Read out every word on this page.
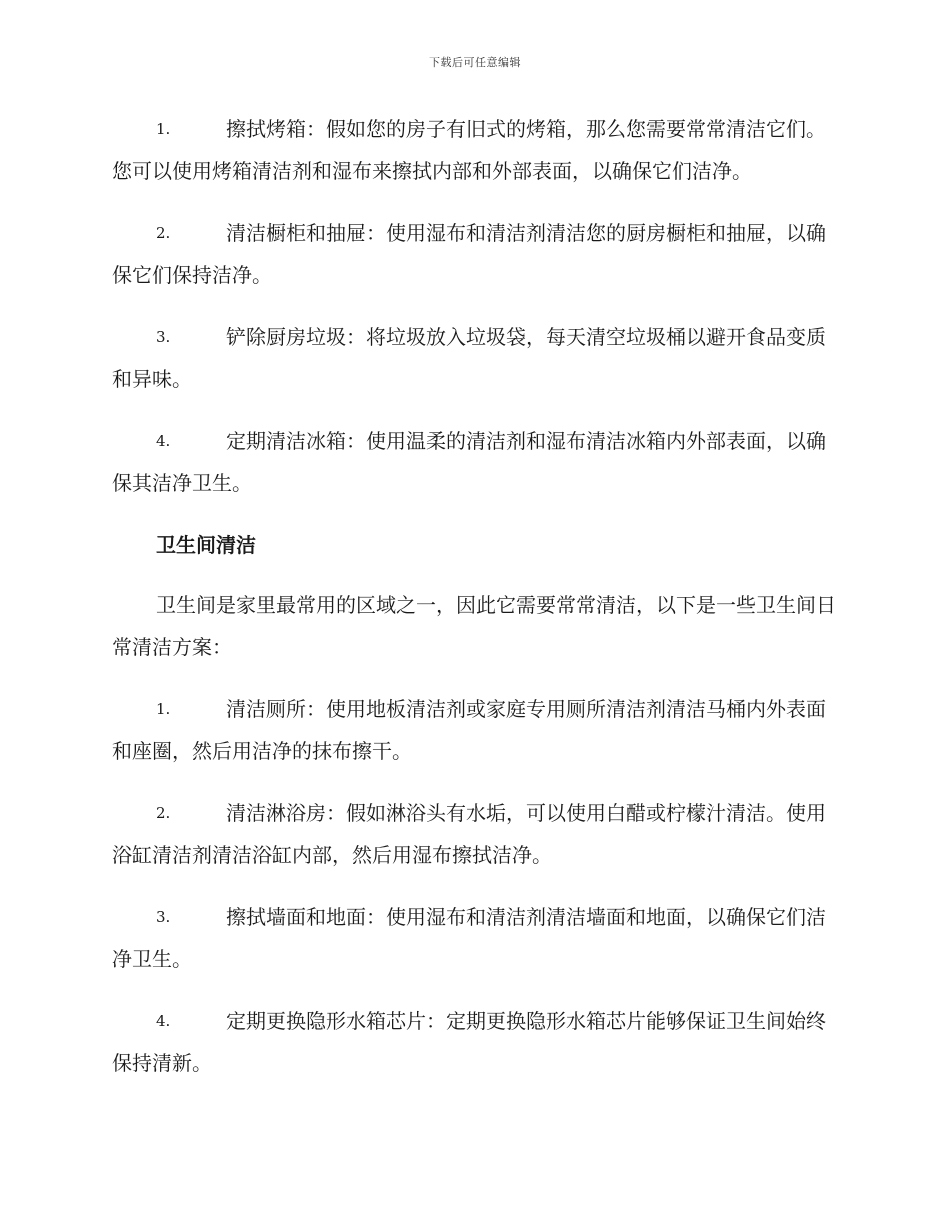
下载后可任意编辑
1.	擦拭烤箱：假如您的房子有旧式的烤箱，那么您需要常常清洁它们。您可以使用烤箱清洁剂和湿布来擦拭内部和外部表面，以确保它们洁净。
2.	清洁橱柜和抽屉：使用湿布和清洁剂清洁您的厨房橱柜和抽屉，以确保它们保持洁净。
3.	铲除厨房垃圾：将垃圾放入垃圾袋，每天清空垃圾桶以避开食品变质和异味。
4.	定期清洁冰箱：使用温柔的清洁剂和湿布清洁冰箱内外部表面，以确保其洁净卫生。
卫生间清洁
卫生间是家里最常用的区域之一，因此它需要常常清洁，以下是一些卫生间日常清洁方案：
1.	清洁厕所：使用地板清洁剂或家庭专用厕所清洁剂清洁马桶内外表面和座圈，然后用洁净的抹布擦干。
2.	清洁淋浴房：假如淋浴头有水垢，可以使用白醋或柠檬汁清洁。使用浴缸清洁剂清洁浴缸内部，然后用湿布擦拭洁净。
3.	擦拭墙面和地面：使用湿布和清洁剂清洁墙面和地面，以确保它们洁净卫生。
4.	定期更换隐形水箱芯片：定期更换隐形水箱芯片能够保证卫生间始终保持清新。
